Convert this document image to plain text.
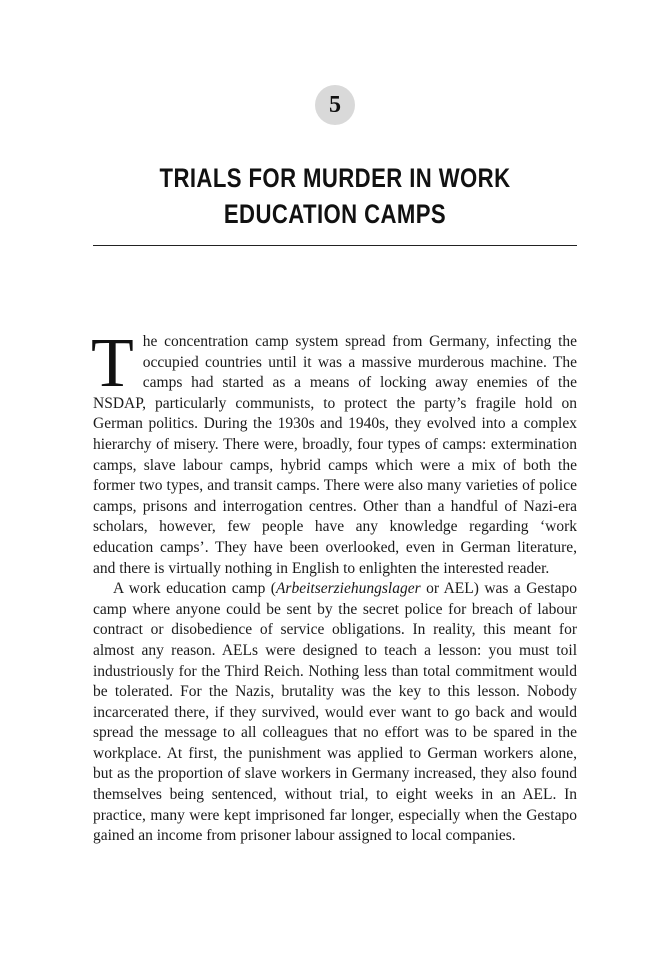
5
TRIALS FOR MURDER IN WORK
EDUCATION CAMPS

The concentration camp system spread from Germany, infecting the occupied countries until it was a massive murderous machine. The camps had started as a means of locking away enemies of the NSDAP, particularly communists, to protect the party’s fragile hold on German politics. During the 1930s and 1940s, they evolved into a complex hierarchy of misery. There were, broadly, four types of camps: extermination camps, slave labour camps, hybrid camps which were a mix of both the former two types, and transit camps. There were also many varieties of police camps, prisons and interrogation centres. Other than a handful of Nazi-era scholars, however, few people have any knowledge regarding ‘work education camps’. They have been overlooked, even in German literature, and there is virtually nothing in English to enlighten the interested reader.

A work education camp (Arbeitserziehungslager or AEL) was a Gestapo camp where anyone could be sent by the secret police for breach of labour contract or disobedience of service obligations. In reality, this meant for almost any reason. AELs were designed to teach a lesson: you must toil industriously for the Third Reich. Nothing less than total commitment would be tolerated. For the Nazis, brutality was the key to this lesson. Nobody incarcerated there, if they survived, would ever want to go back and would spread the message to all colleagues that no effort was to be spared in the workplace. At first, the punishment was applied to German workers alone, but as the proportion of slave workers in Germany increased, they also found themselves being sentenced, without trial, to eight weeks in an AEL. In practice, many were kept imprisoned far longer, especially when the Gestapo gained an income from prisoner labour assigned to local companies.
